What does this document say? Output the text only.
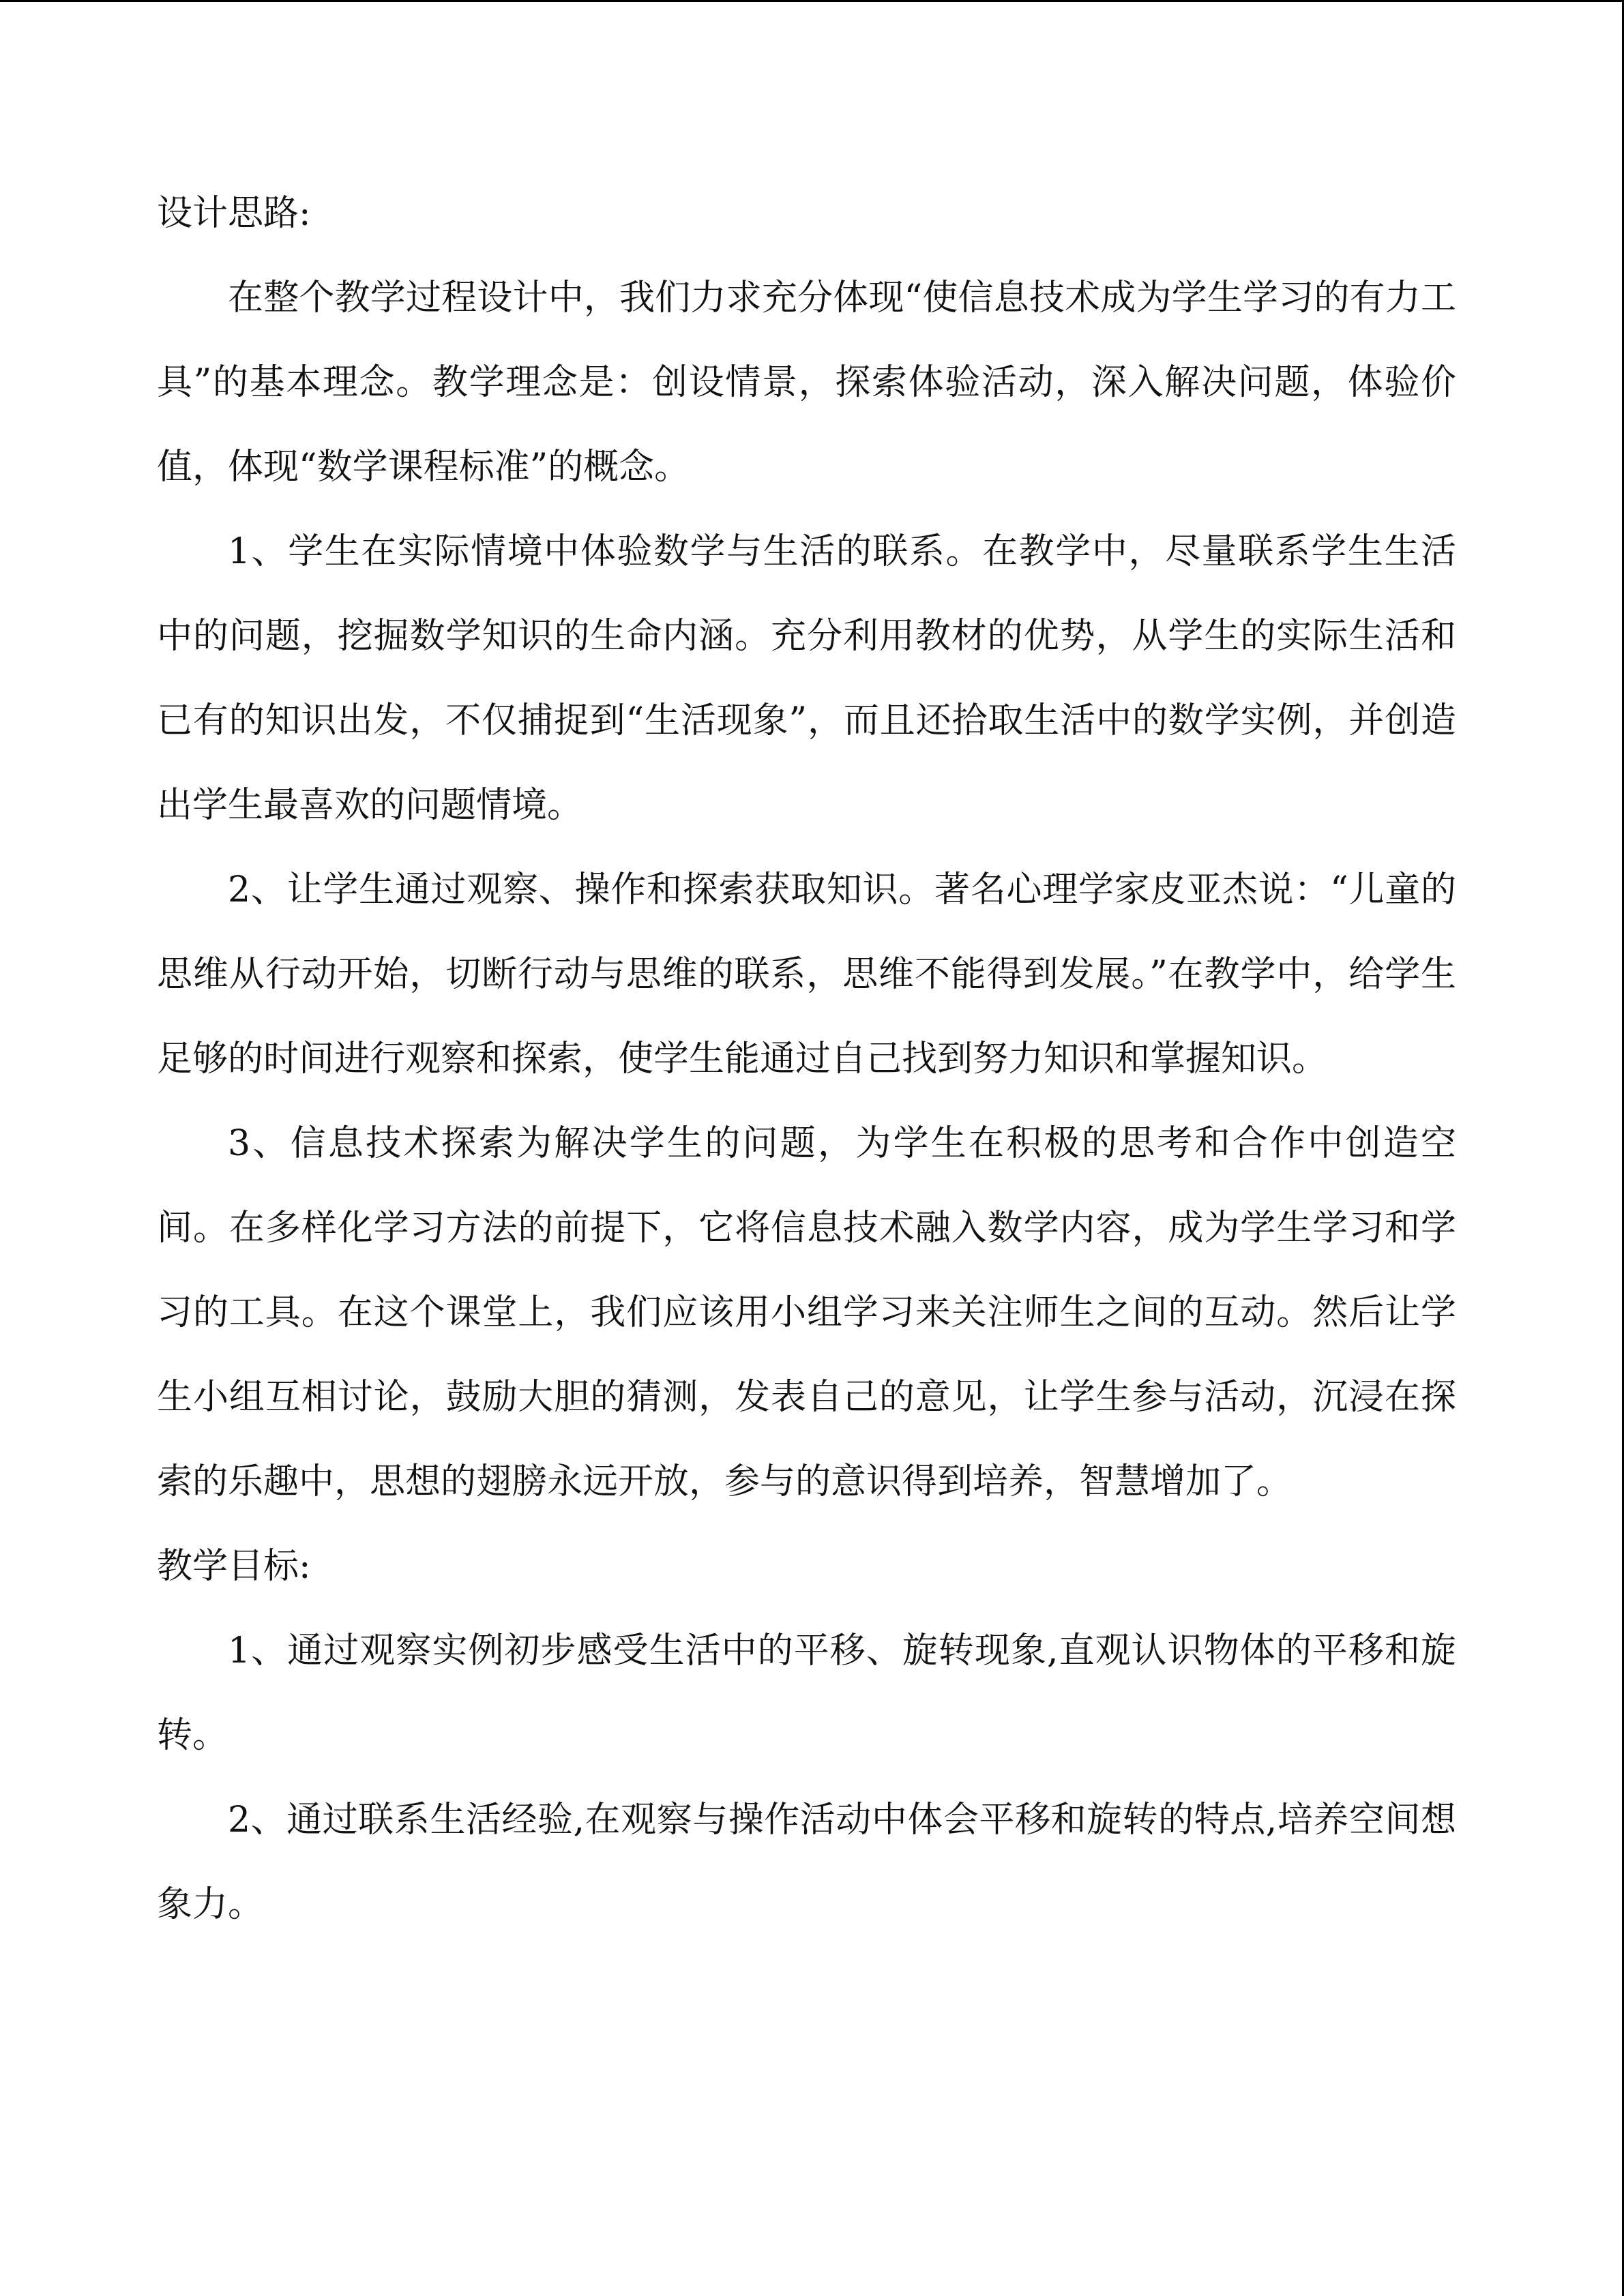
设计思路:

在整个教学过程设计中，我们力求充分体现“使信息技术成为学生学习的有力工具”的基本理念。教学理念是：创设情景，探索体验活动，深入解决问题，体验价值，体现“数学课程标准”的概念。

1、学生在实际情境中体验数学与生活的联系。在教学中，尽量联系学生生活中的问题，挖掘数学知识的生命内涵。充分利用教材的优势，从学生的实际生活和已有的知识出发，不仅捕捉到“生活现象”，而且还拾取生活中的数学实例，并创造出学生最喜欢的问题情境。

2、让学生通过观察、操作和探索获取知识。著名心理学家皮亚杰说：“儿童的思维从行动开始，切断行动与思维的联系，思维不能得到发展。”在教学中，给学生足够的时间进行观察和探索，使学生能通过自己找到努力知识和掌握知识。

3、信息技术探索为解决学生的问题，为学生在积极的思考和合作中创造空间。在多样化学习方法的前提下，它将信息技术融入数学内容，成为学生学习和学习的工具。在这个课堂上，我们应该用小组学习来关注师生之间的互动。然后让学生小组互相讨论，鼓励大胆的猜测，发表自己的意见，让学生参与活动，沉浸在探索的乐趣中，思想的翅膀永远开放，参与的意识得到培养，智慧增加了。

教学目标:

1、通过观察实例初步感受生活中的平移、旋转现象,直观认识物体的平移和旋转。

2、通过联系生活经验,在观察与操作活动中体会平移和旋转的特点,培养空间想象力。
